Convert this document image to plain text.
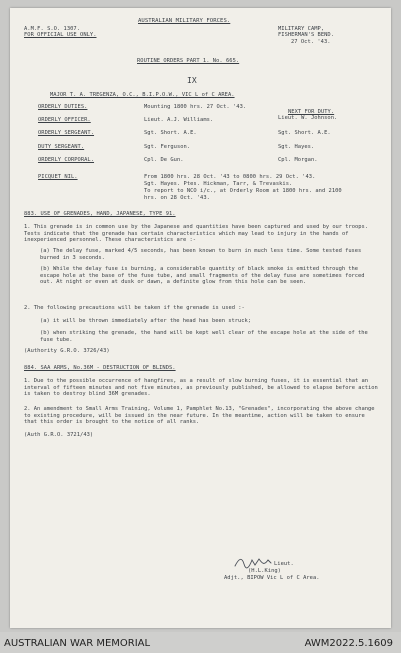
A.M.F. S.O. 1307.
FOR OFFICIAL USE ONLY.
AUSTRALIAN MILITARY FORCES.
MILITARY CAMP,
FISHERMAN'S BEND.
27 Oct. '43.
ROUTINE ORDERS PART 1. No. 665.
IX
MAJOR T. A. TREGENZA, O.C., B.I.P.O.W., VIC L of C AREA.
ORDERLY DUTIES.	Mounting 1800 hrs. 27 Oct. '43.
NEXT FOR DUTY.
ORDERLY OFFICER.	Lieut. A.J. Williams.	Lieut. W. Johnson.
ORDERLY SERGEANT.	Sgt. Short. A.E.	Sgt. Short. A.E.
DUTY SERGEANT.	Sgt. Ferguson.	Sgt. Hayes.
ORDERLY CORPORAL.	Cpl. De Gun.	Cpl. Morgan.
PICQUET NIL.	From 1800 hrs. 28 Oct. '43 to 0800 hrs. 29 Oct. '43.
Sgt. Hayes. Ptes. Hickman, Tarr, & Trevaskis.
To report to NCO i/c., at Orderly Room at 1800 hrs. and 2100
hrs. on 28 Oct. '43.
883. USE OF GRENADES, HAND, JAPANESE, TYPE 91.
1. This grenade is in common use by the Japanese and quantities have been captured and used by our troops. Tests indicate that the grenade has certain characteristics which may lead to injury in the hands of inexperienced personnel. These characteristics are :-
(a) The delay fuse, marked 4/5 seconds, has been known to burn in much less time. Some tested fuses burned in 3 seconds.
(b) While the delay fuse is burning, a considerable quantity of black smoke is emitted through the escape hole at the base of the fuse tube, and small fragments of the delay fuse are sometimes forced out. At night or even at dusk or dawn, a definite glow from this hole can be seen.
2. The following precautions will be taken if the grenade is used :-
(a) it will be thrown immediately after the head has been struck;
(b) when striking the grenade, the hand will be kept well clear of the escape hole at the side of the fuse tube.
(Authority G.R.O. 3726/43)
884. SAA ARMS, No.36M - DESTRUCTION OF BLINDS.
1. Due to the possible occurrence of hangfires, as a result of slow burning fuses, it is essential that an interval of fifteen minutes and not five minutes, as previously published, be allowed to elapse before action is taken to destroy blind 36M grenades.
2. An amendment to Small Arms Training, Volume 1, Pamphlet No.13, "Grenades", incorporating the above change to existing procedure, will be issued in the near future. In the meantime, action will be taken to ensure that this order is brought to the notice of all ranks.
(Auth G.R.O. 3721/43)
Lieut.
(H.L.King)
Adjt., BIPOW Vic L of C Area.
AUSTRALIAN WAR MEMORIAL	AWM2022.5.1609
